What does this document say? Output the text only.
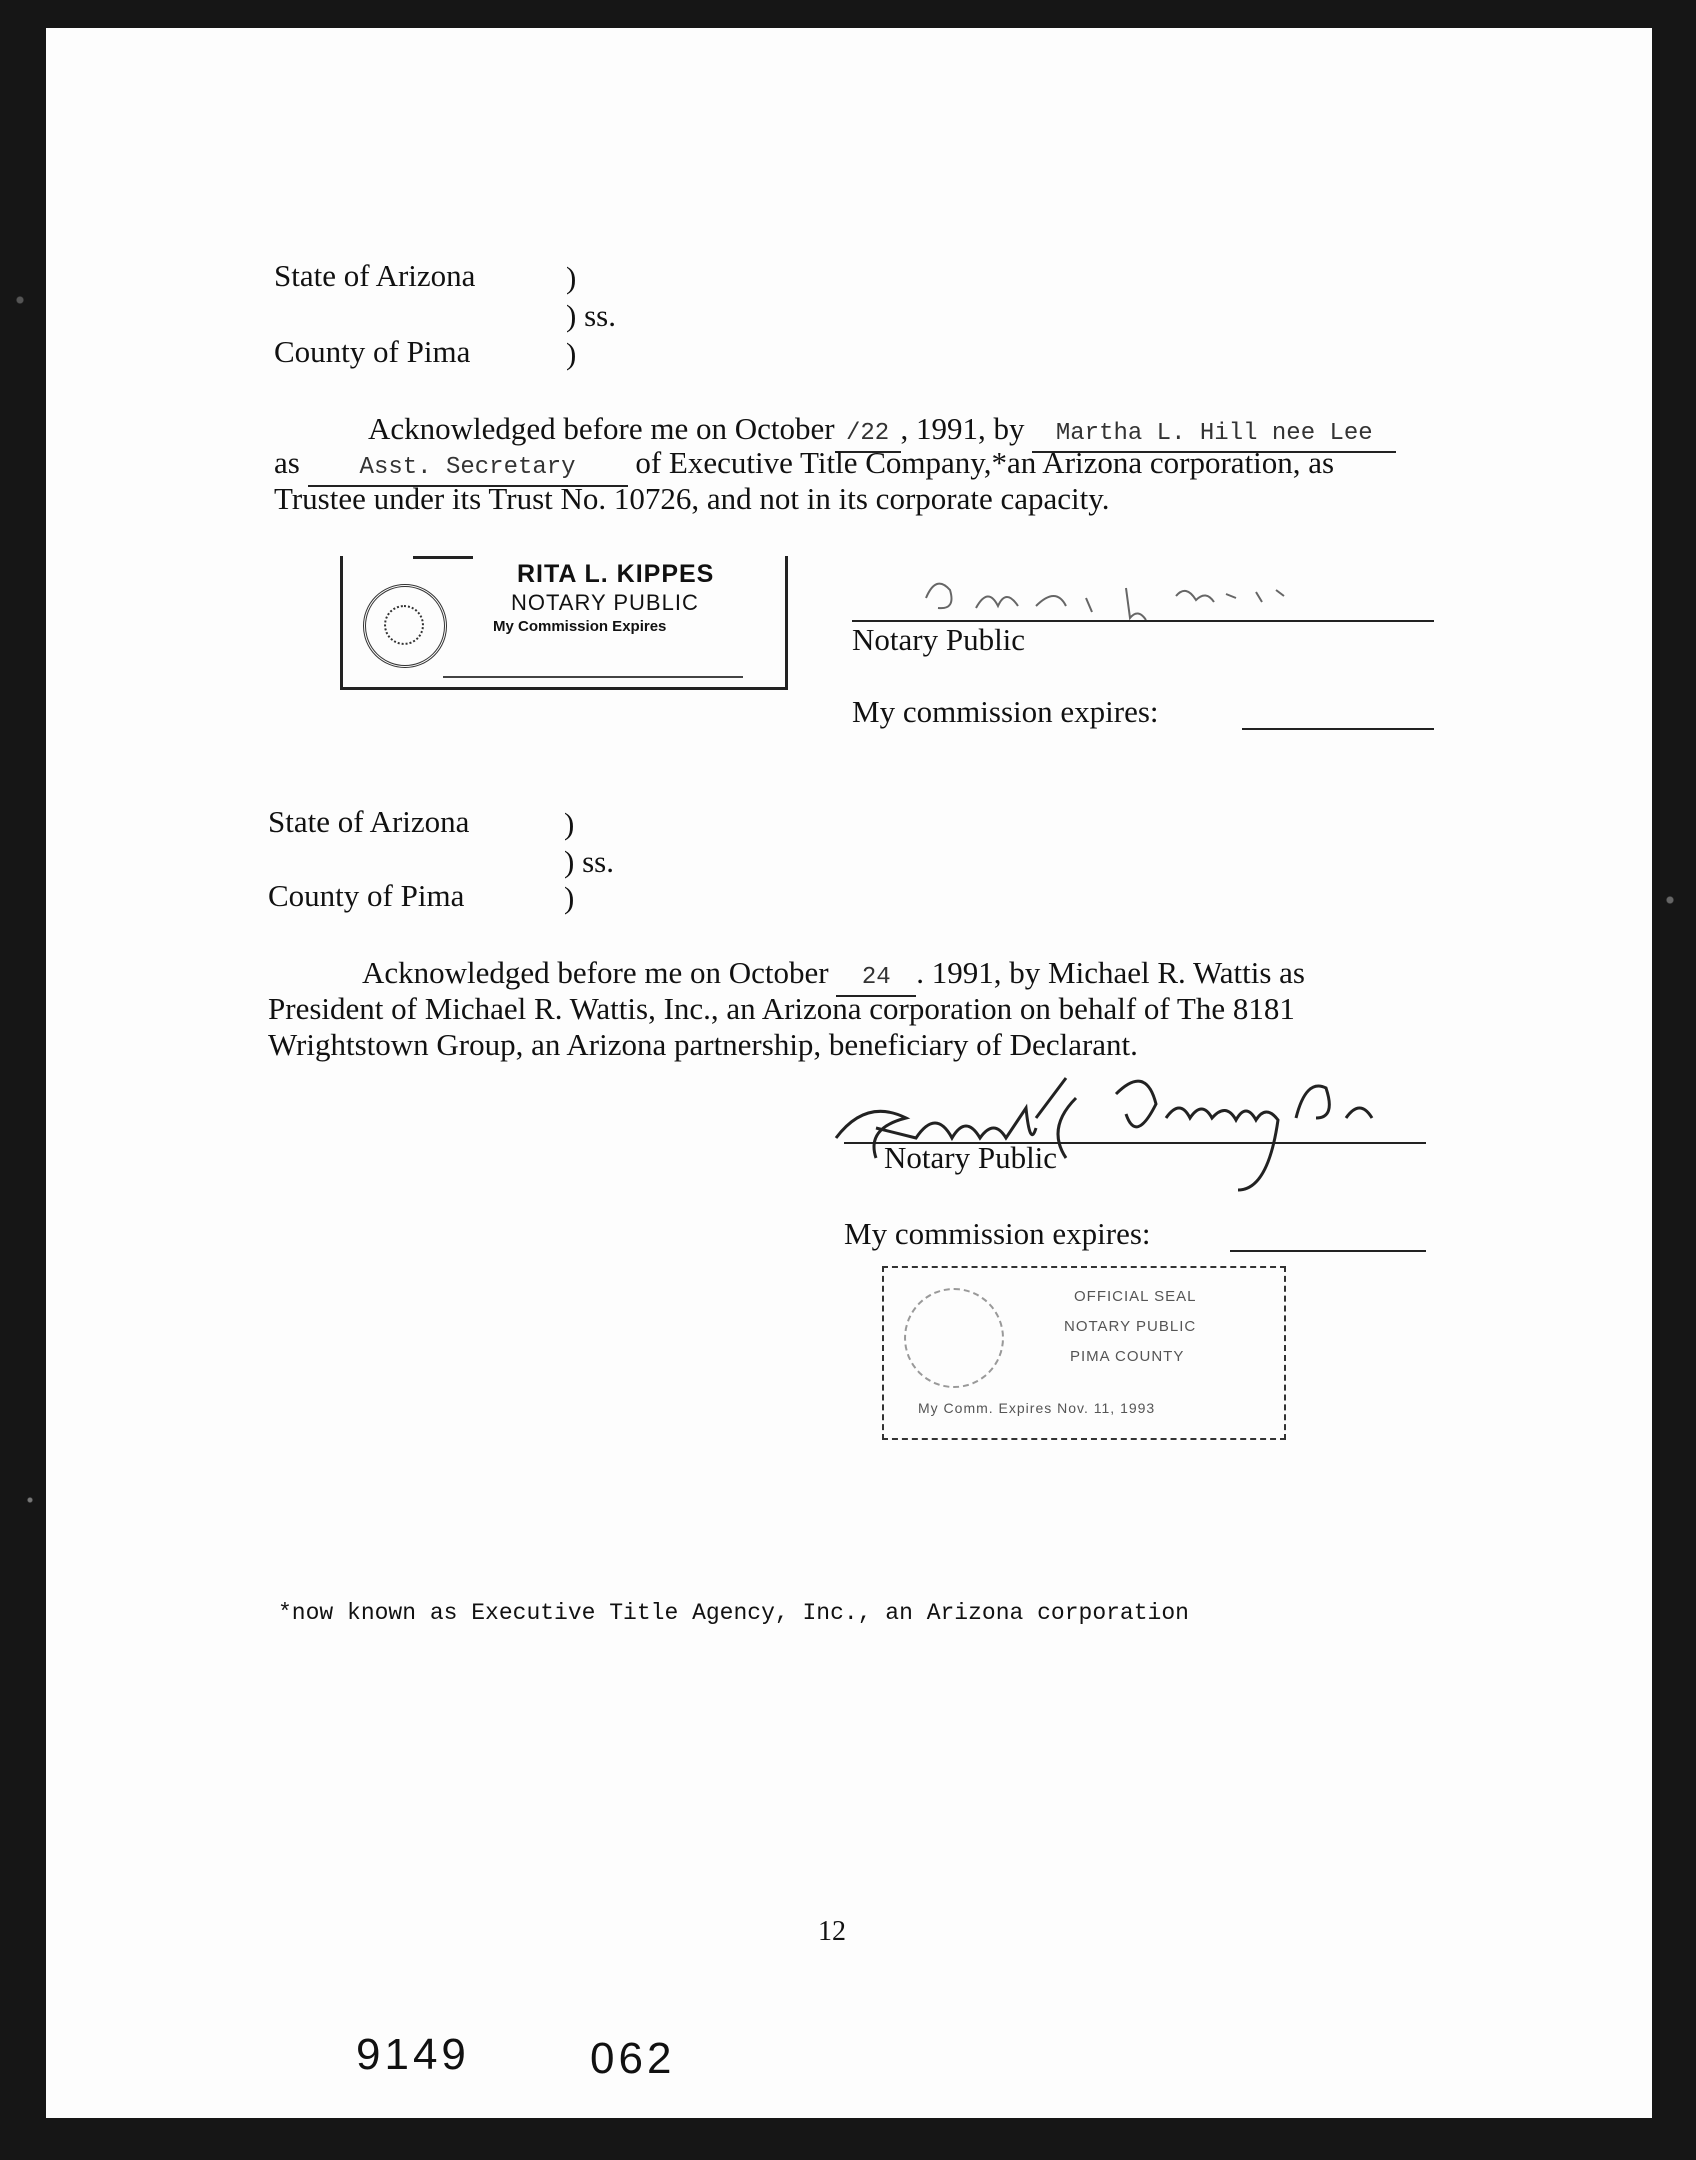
State of Arizona	)
) ss.
County of Pima	)
Acknowledged before me on October /22 , 1991, by Martha L. Hill nee Lee
as Asst. Secretary of Executive Title Company,*an Arizona corporation, as
Trustee under its Trust No. 10726, and not in its corporate capacity.
RITA L. KIPPES
NOTARY PUBLIC
My Commission Expires	Notary Public
My commission expires:
State of Arizona	)
) ss.
County of Pima	)
Acknowledged before me on October 24 . 1991, by Michael R. Wattis as
President of Michael R. Wattis, Inc., an Arizona corporation on behalf of The 8181
Wrightstown Group, an Arizona partnership, beneficiary of Declarant.
Notary Public
My commission expires:
OFFICIAL SEAL
NOTARY PUBLIC
PIMA COUNTY
My Comm. Expires Nov. 11, 1993
*now known as Executive Title Agency, Inc., an Arizona corporation
12
9149	062
